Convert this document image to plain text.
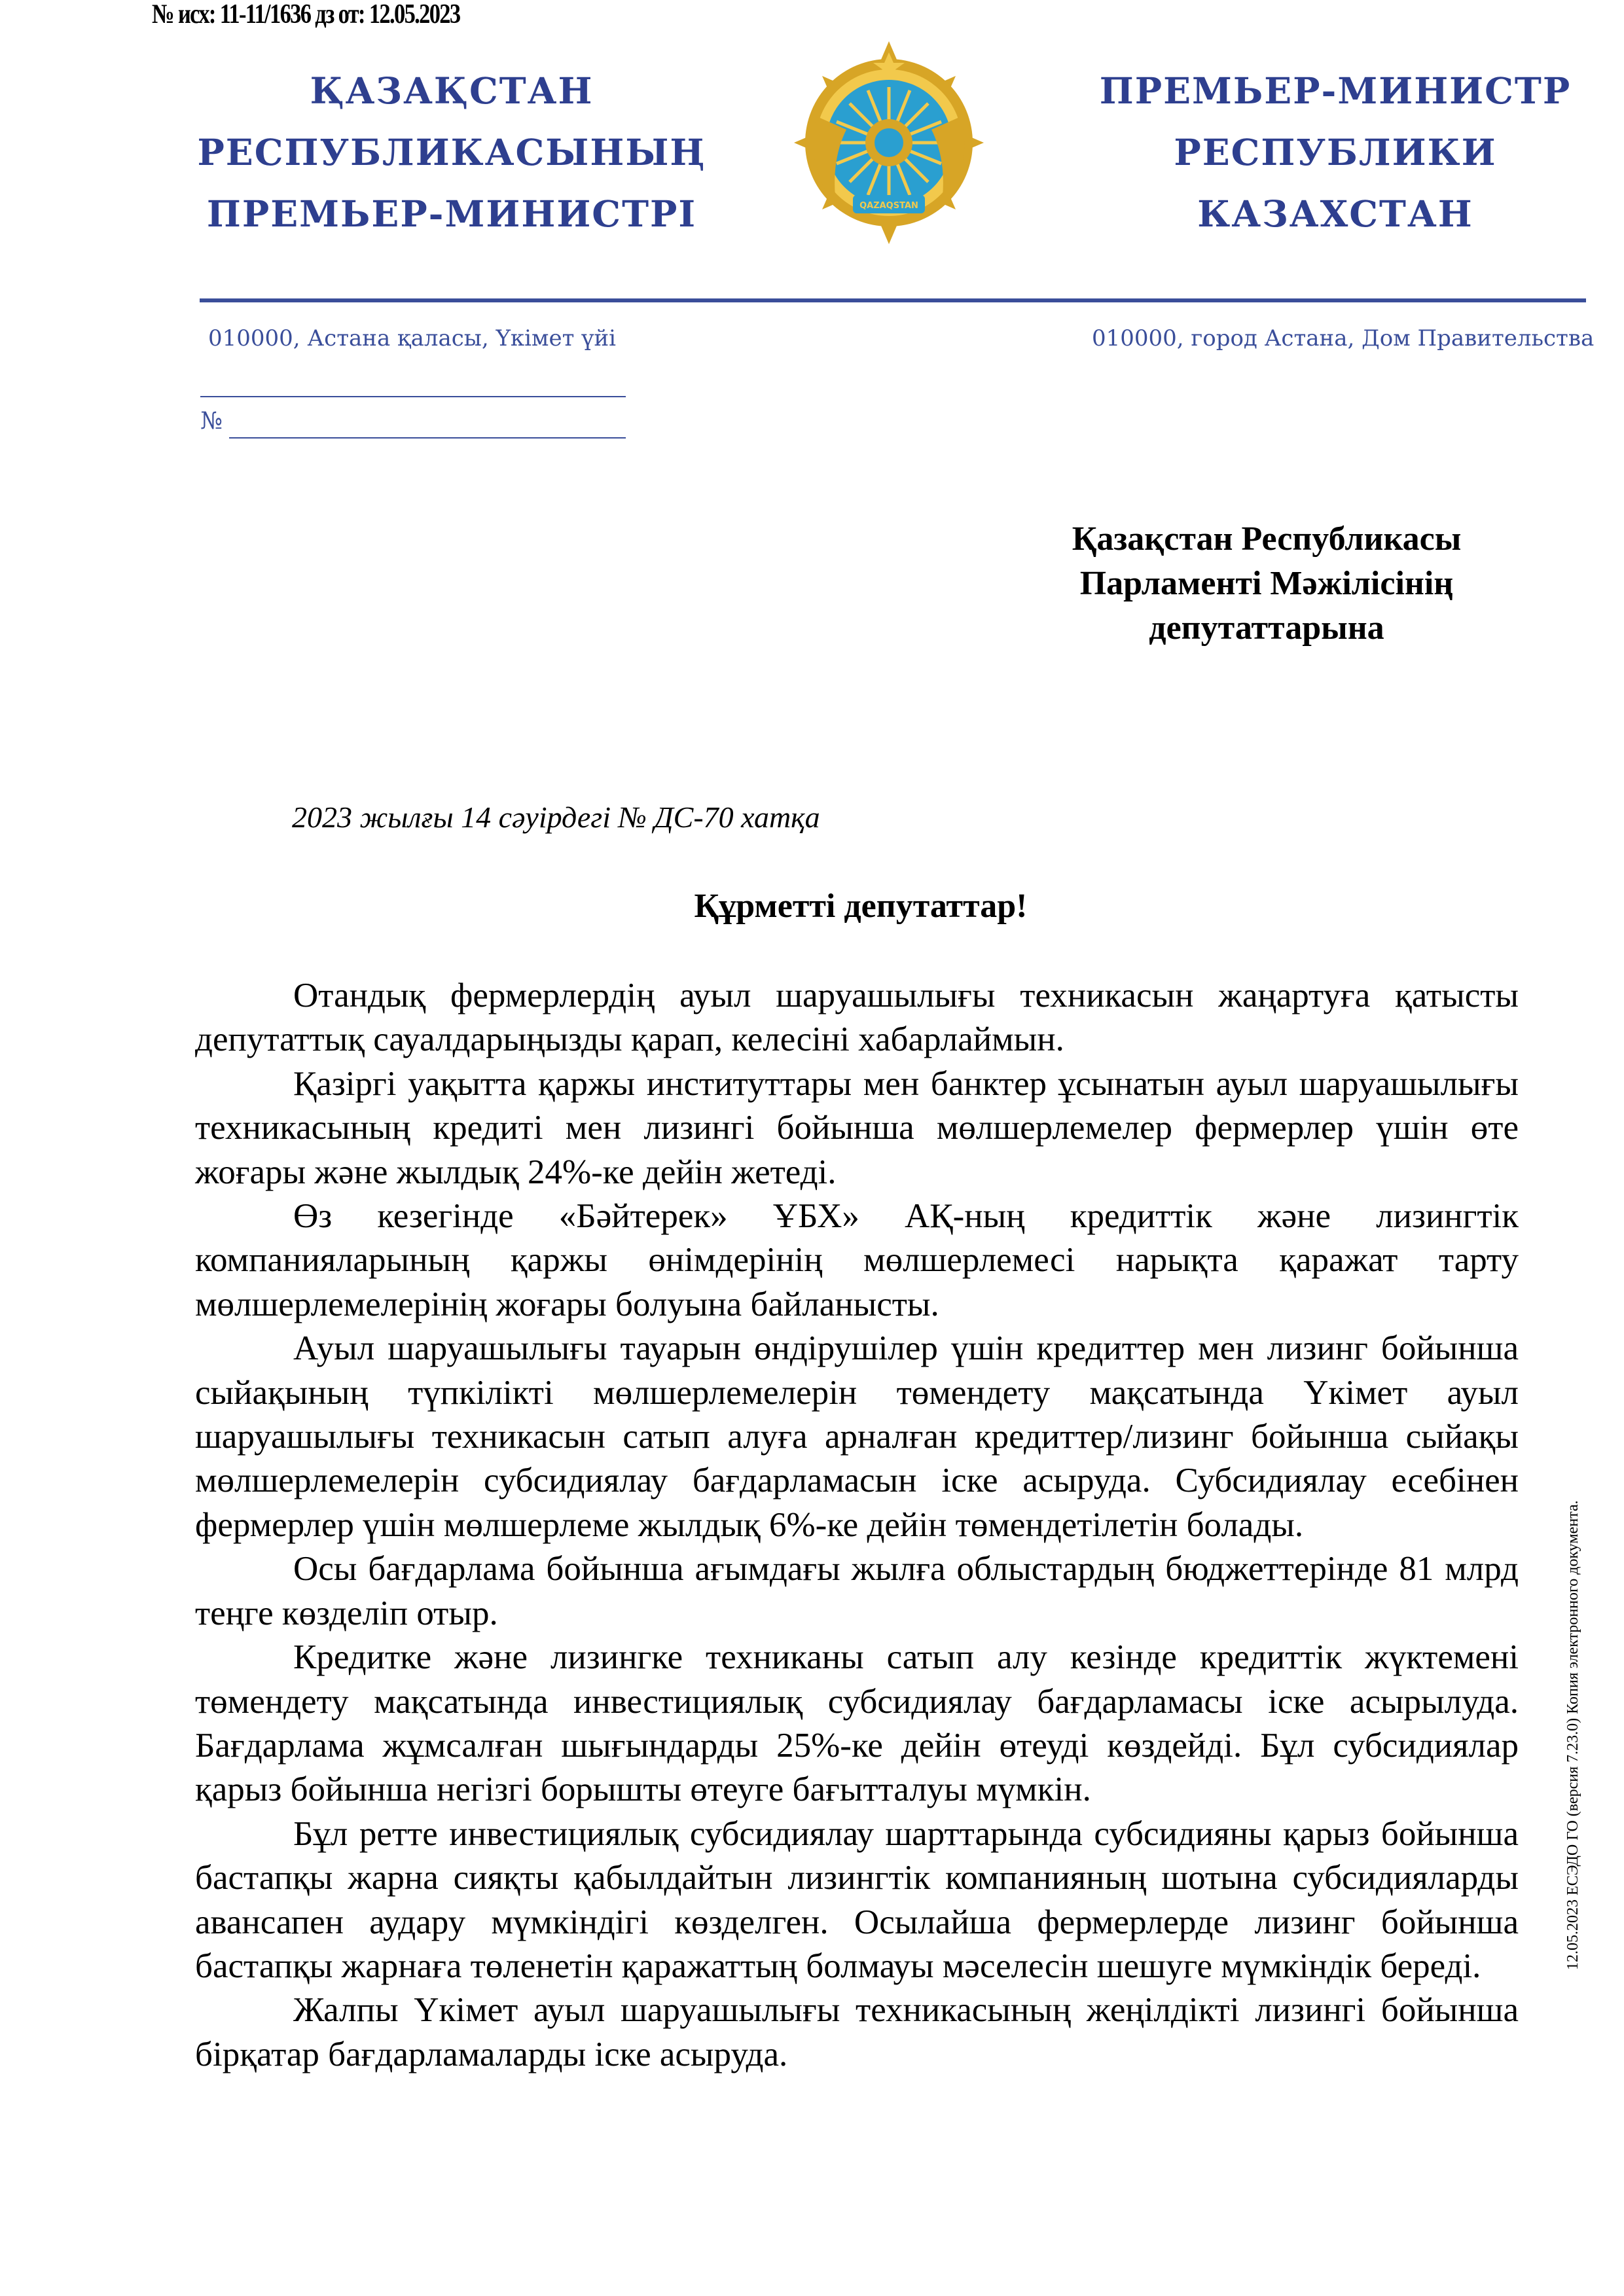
№ исх: 11-11/1636 дз от: 12.05.2023
ҚАЗАҚСТАН
РЕСПУБЛИКАСЫНЫҢ
ПРЕМЬЕР-МИНИСТРІ	QAZAQSTAN
ПРЕМЬЕР-МИНИСТР
РЕСПУБЛИКИ
КАЗАХСТАН
010000, Астана қаласы, Үкімет үйі	010000, город Астана, Дом Правительства
№
Қазақстан Республикасы
Парламенті Мәжілісінің
депутаттарына
2023 жылғы 14 сәуірдегі № ДС-70 хатқа
Құрметті депутаттар!

Отандық фермерлердің ауыл шаруашылығы техникасын жаңартуға қатысты депутаттық сауалдарыңызды қарап, келесіні хабарлаймын.

Қазіргі уақытта қаржы институттары мен банктер ұсынатын ауыл шаруашылығы техникасының кредиті мен лизингі бойынша мөлшерлемелер фермерлер үшін өте жоғары және жылдық 24%-ке дейін жетеді.

Өз кезегінде «Бәйтерек» ҰБХ» АҚ-ның кредиттік және лизингтік компанияларының қаржы өнімдерінің мөлшерлемесі нарықта қаражат тарту мөлшерлемелерінің жоғары болуына байланысты.

Ауыл шаруашылығы тауарын өндірушілер үшін кредиттер мен лизинг бойынша сыйақының түпкілікті мөлшерлемелерін төмендету мақсатында Үкімет ауыл шаруашылығы техникасын сатып алуға арналған кредиттер/лизинг бойынша сыйақы мөлшерлемелерін субсидиялау бағдарламасын іске асыруда. Субсидиялау есебінен фермерлер үшін мөлшерлеме жылдық 6%-ке дейін төмендетілетін болады.

Осы бағдарлама бойынша ағымдағы жылға облыстардың бюджеттерінде 81 млрд теңге көзделіп отыр.

Кредитке және лизингке техниканы сатып алу кезінде кредиттік жүктемені төмендету мақсатында инвестициялық субсидиялау бағдарламасы іске асырылуда. Бағдарлама жұмсалған шығындарды 25%-ке дейін өтеуді көздейді. Бұл субсидиялар қарыз бойынша негізгі борышты өтеуге бағытталуы мүмкін.

Бұл ретте инвестициялық субсидиялау шарттарында субсидияны қарыз бойынша бастапқы жарна сияқты қабылдайтын лизингтік компанияның шотына субсидияларды авансапен аудару мүмкіндігі көзделген. Осылайша фермерлерде лизинг бойынша бастапқы жарнаға төленетін қаражаттың болмауы мәселесін шешуге мүмкіндік береді.

Жалпы Үкімет ауыл шаруашылығы техникасының жеңілдікті лизингі бойынша бірқатар бағдарламаларды іске асыруда.

12.05.2023 ЕСЭДО ГО (версия 7.23.0) Копия электронного документа.
